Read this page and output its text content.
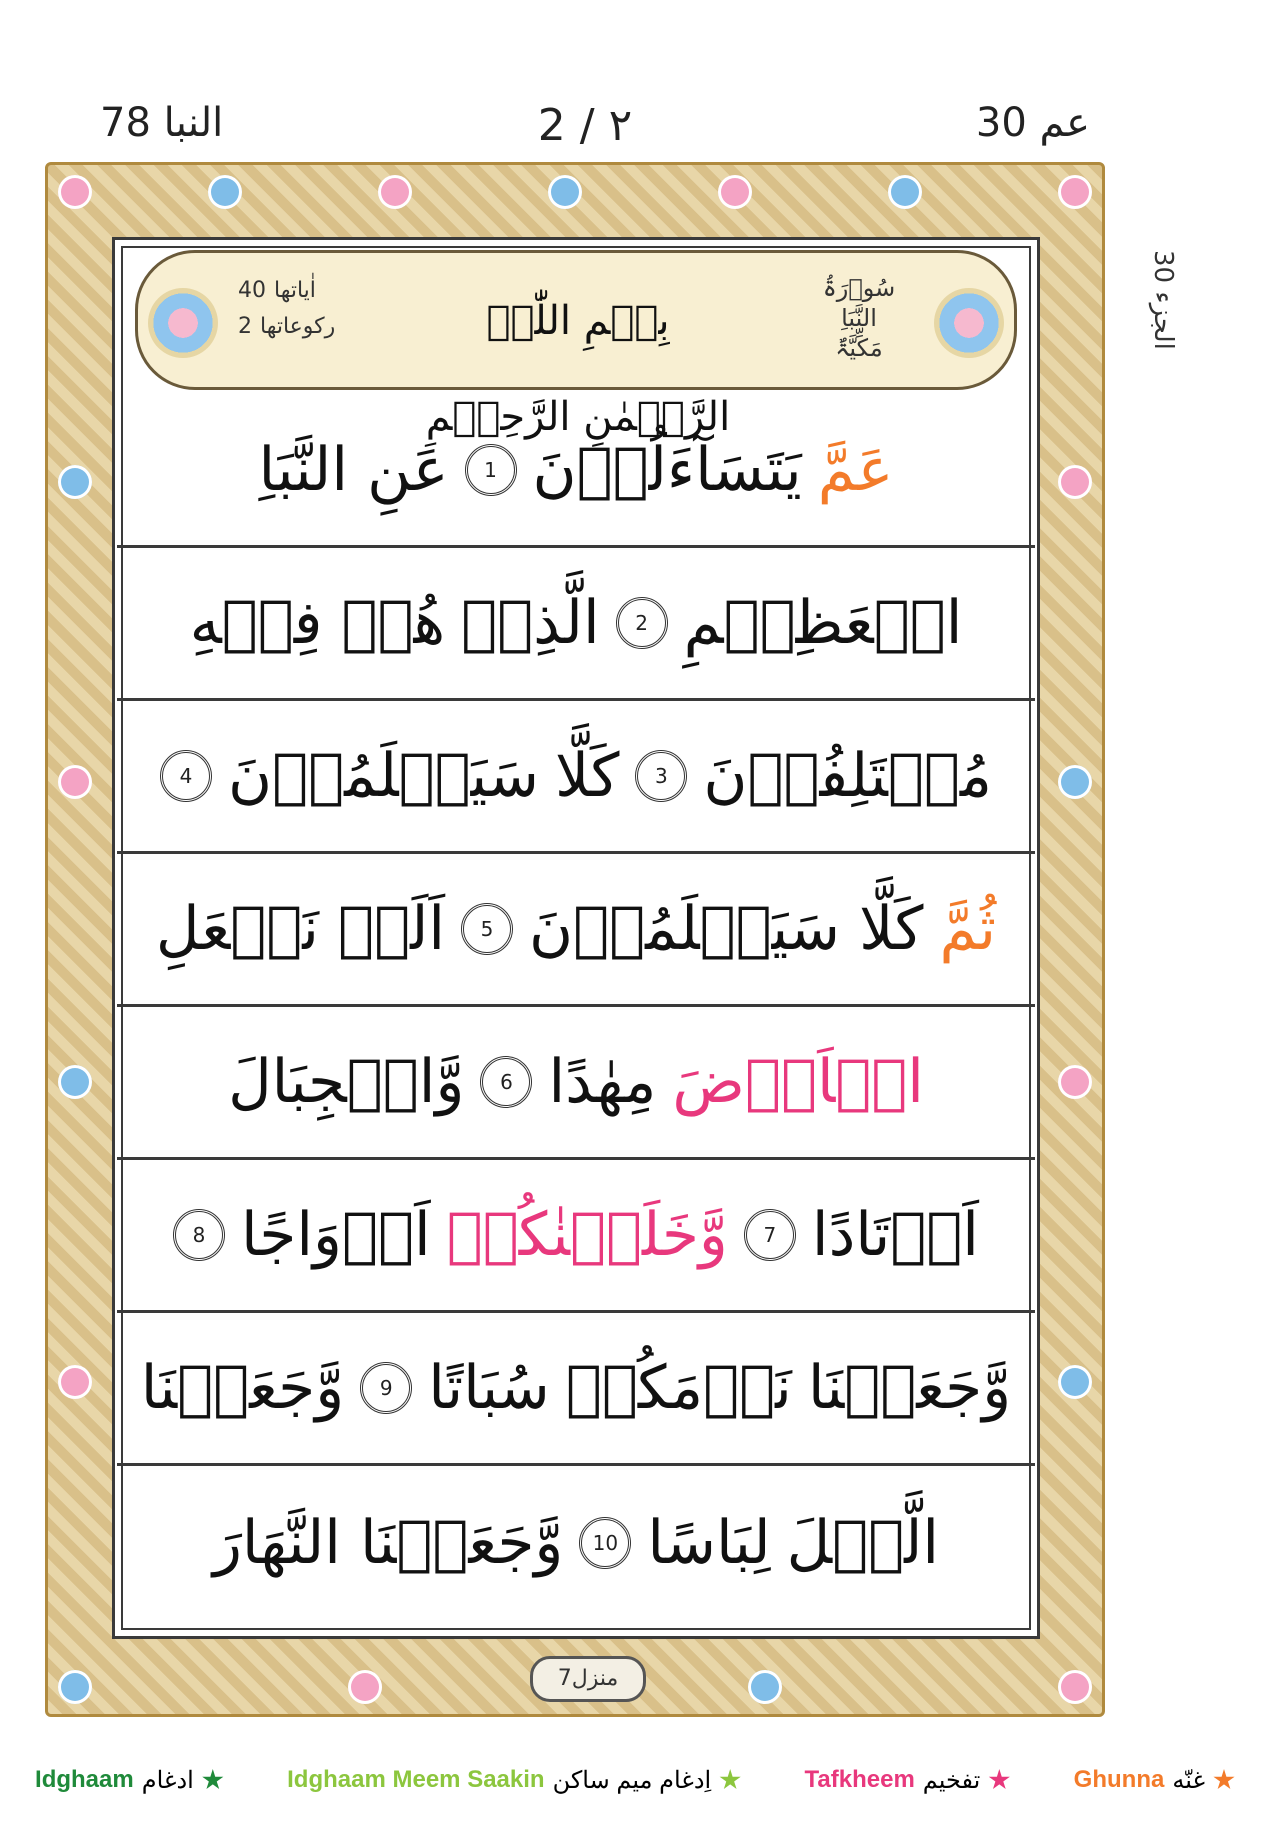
عم 30
2 / ٢
النبا 78
الجزء 30
اٰیاتها
40
رکوعاتها
2	بِسۡمِ اللّٰہِ الرَّحۡمٰنِ الرَّحِیۡمِ
سُوۡرَۃُ
النَّبَاِ
مَکِّیَّۃٌ
عَمَّ
یَتَسَآءَلُوۡنَ
1
عَنِ النَّبَاِ
الۡعَظِیۡمِ
2
الَّذِیۡ
هُمۡ فِیۡهِ
مُخۡتَلِفُوۡنَ
3
کَلَّا
سَیَعۡلَمُوۡنَ
4
ثُمَّ
کَلَّا سَیَعۡلَمُوۡنَ
5
اَلَمۡ نَجۡعَلِ
الۡاَرۡضَ
مِهٰدًا
6
وَّالۡجِبَالَ
اَوۡتَادًا
7
وَّخَلَقۡنٰکُمۡ
اَزۡوَاجًا
8
وَّجَعَلۡنَا
نَوۡمَکُمۡ
سُبَاتًا
9
وَّجَعَلۡنَا
الَّیۡلَ
لِبَاسًا
10
وَّجَعَلۡنَا النَّهَارَ
منزل7
غنّه
Ghunna
تفخیم
Tafkheem
اِدغام میم ساکن
Idghaam Meem Saakin
ادغام
Idghaam
